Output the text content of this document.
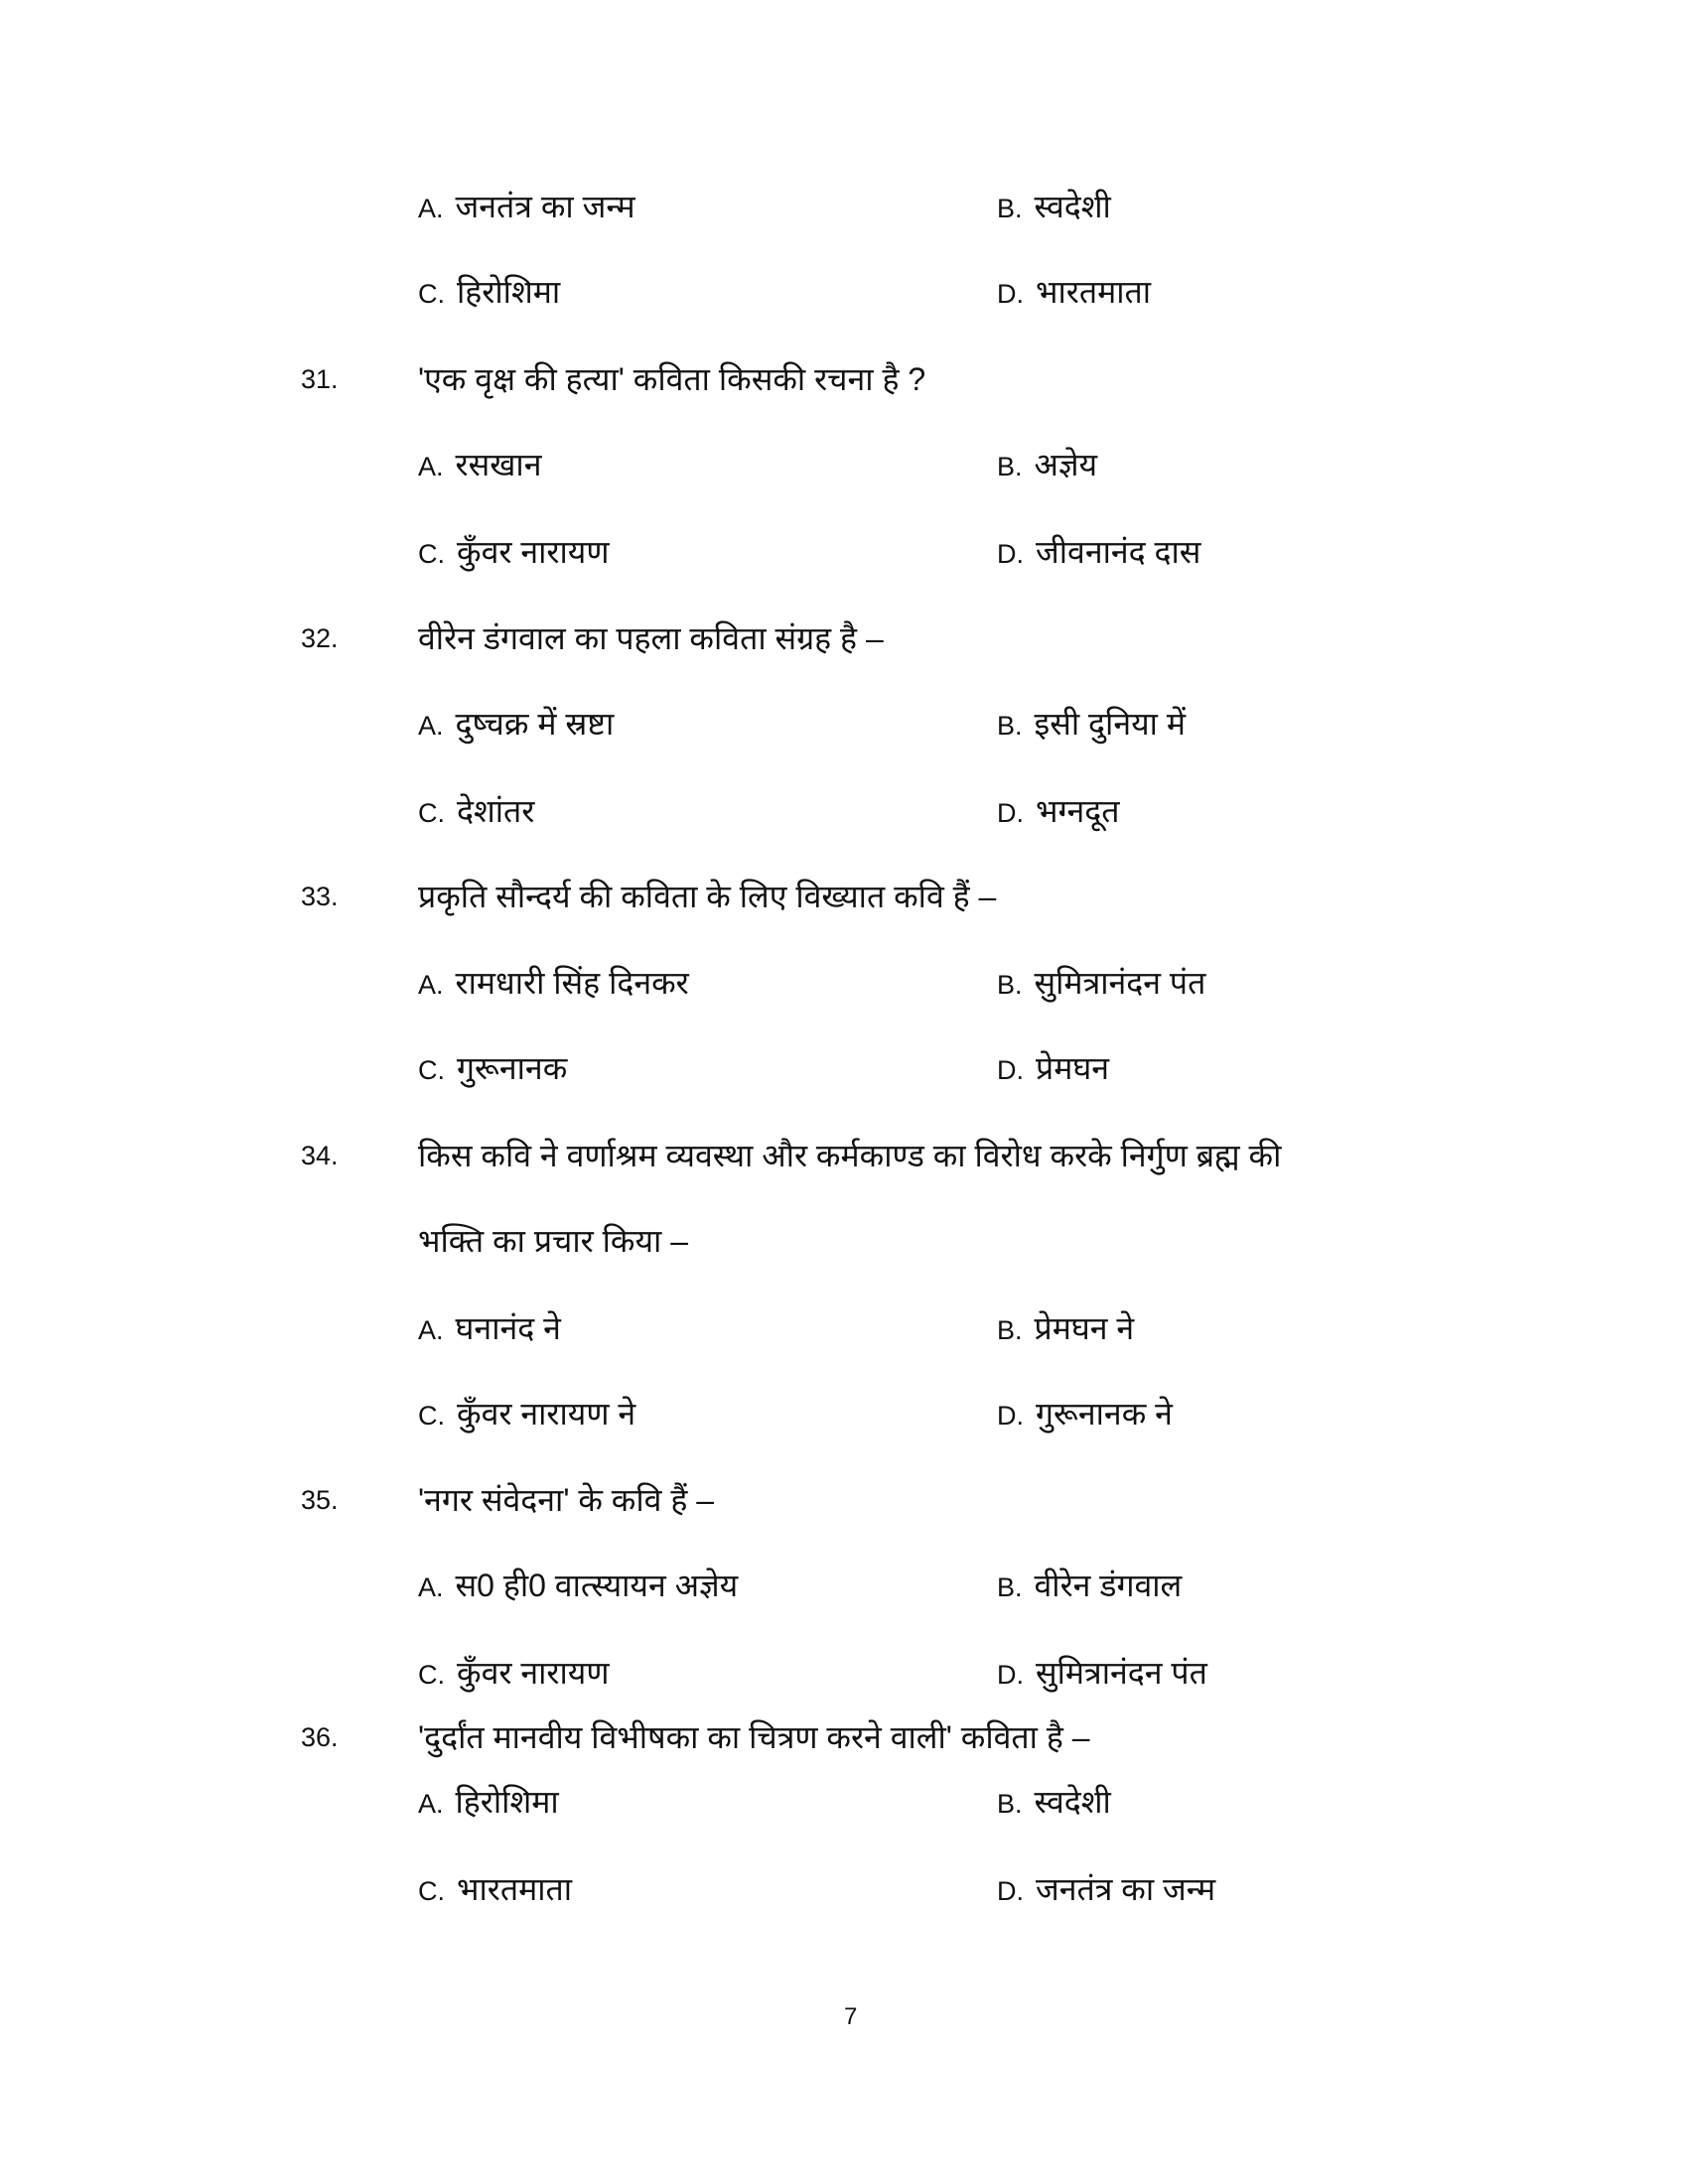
A. जनतंत्र का जन्म	B. स्वदेशी
C. हिरोशिमा	D. भारतमाता
31.	'एक वृक्ष की हत्या' कविता किसकी रचना है ?
A. रसखान	B. अज्ञेय
C. कुँवर नारायण	D. जीवनानंद दास
32.	वीरेन डंगवाल का पहला कविता संग्रह है –
A. दुष्चक्र में स्रष्टा	B. इसी दुनिया में
C. देशांतर	D. भग्नदूत
33.	प्रकृति सौन्दर्य की कविता के लिए विख्यात कवि हैं –
A. रामधारी सिंह दिनकर	B. सुमित्रानंदन पंत
C. गुरूनानक	D. प्रेमघन
34.	किस कवि ने वर्णाश्रम व्यवस्था और कर्मकाण्ड का विरोध करके निर्गुण ब्रह्म की
भक्ति का प्रचार किया –
A. घनानंद ने	B. प्रेमघन ने
C. कुँवर नारायण ने	D. गुरूनानक ने
35.	'नगर संवेदना' के कवि हैं –
A. स0 ही0 वात्स्यायन अज्ञेय	B. वीरेन डंगवाल
C. कुँवर नारायण	D. सुमित्रानंदन पंत
36.	'दुर्दांत मानवीय विभीषका का चित्रण करने वाली' कविता है –
A. हिरोशिमा	B. स्वदेशी
C. भारतमाता	D. जनतंत्र का जन्म
7
